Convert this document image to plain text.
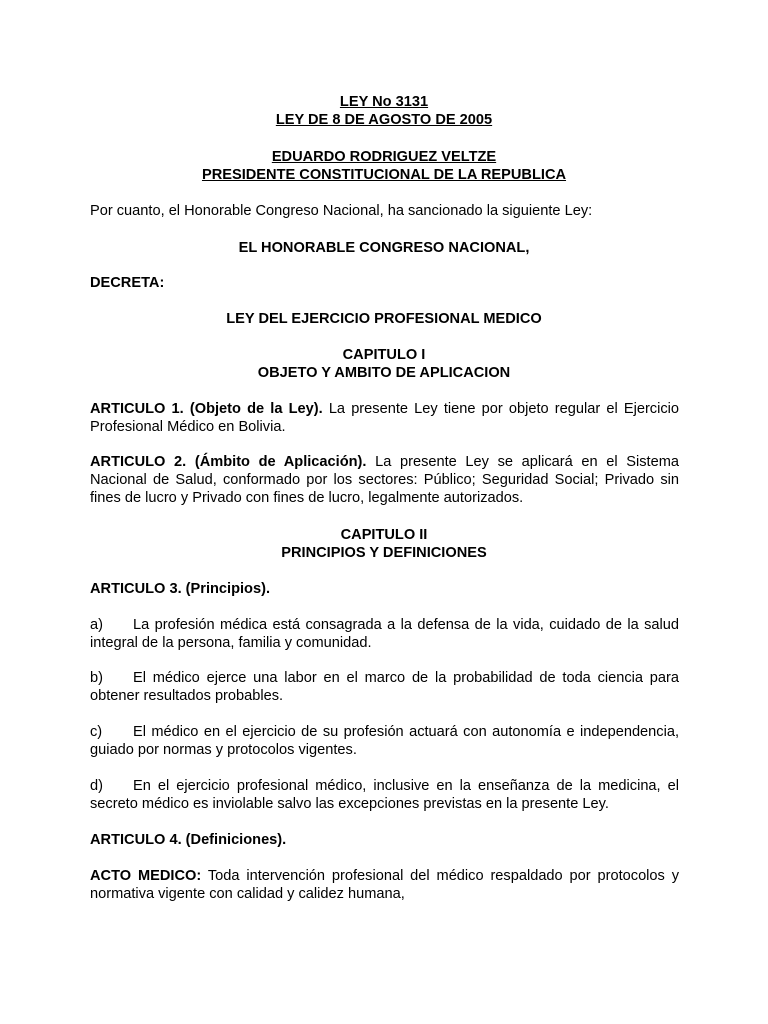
LEY No 3131
LEY DE 8 DE AGOSTO DE 2005
EDUARDO RODRIGUEZ VELTZE
PRESIDENTE CONSTITUCIONAL DE LA REPUBLICA
Por cuanto, el Honorable Congreso Nacional, ha sancionado la siguiente Ley:
EL HONORABLE CONGRESO NACIONAL,
DECRETA:
LEY DEL EJERCICIO PROFESIONAL MEDICO
CAPITULO I
OBJETO Y AMBITO DE APLICACION
ARTICULO 1. (Objeto de la Ley). La presente Ley tiene por objeto regular el Ejercicio Profesional Médico en Bolivia.
ARTICULO 2. (Ámbito de Aplicación). La presente Ley se aplicará en el Sistema Nacional de Salud, conformado por los sectores: Público; Seguridad Social; Privado sin fines de lucro y Privado con fines de lucro, legalmente autorizados.
CAPITULO II
PRINCIPIOS Y DEFINICIONES
ARTICULO 3. (Principios).
a) La profesión médica está consagrada a la defensa de la vida, cuidado de la salud integral de la persona, familia y comunidad.
b) El médico ejerce una labor en el marco de la probabilidad de toda ciencia para obtener resultados probables.
c) El médico en el ejercicio de su profesión actuará con autonomía e independencia, guiado por normas y protocolos vigentes.
d) En el ejercicio profesional médico, inclusive en la enseñanza de la medicina, el secreto médico es inviolable salvo las excepciones previstas en la presente Ley.
ARTICULO 4. (Definiciones).
ACTO MEDICO: Toda intervención profesional del médico respaldado por protocolos y normativa vigente con calidad y calidez humana,
